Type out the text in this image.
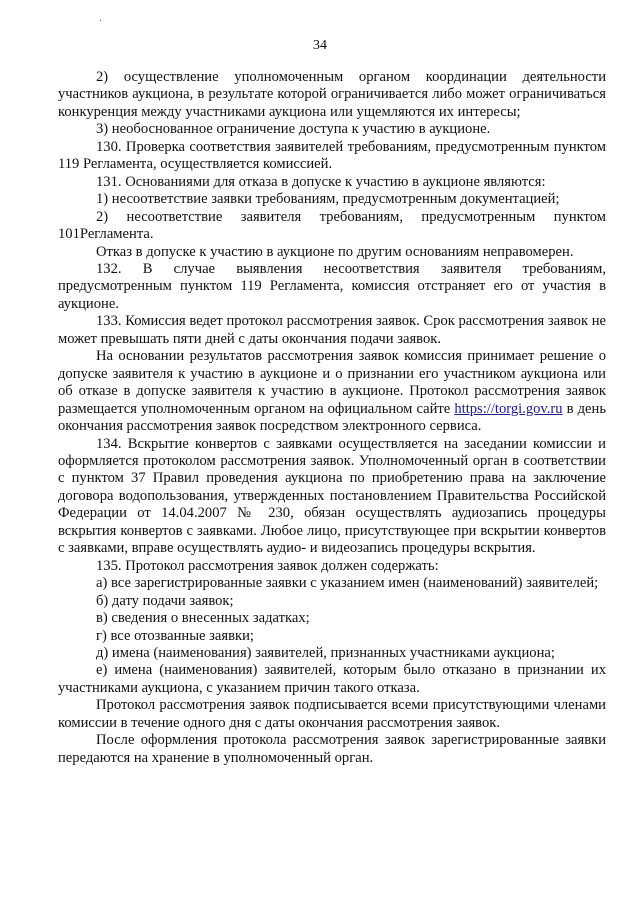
·
34

2) осуществление уполномоченным органом координации деятельности участников аукциона, в результате которой ограничивается либо может ограничиваться конкуренция между участниками аукциона или ущемляются их интересы;

3) необоснованное ограничение доступа к участию в аукционе.

130. Проверка соответствия заявителей требованиям, предусмотренным пунктом 119 Регламента, осуществляется комиссией.

131. Основаниями для отказа в допуске к участию в аукционе являются:

1) несоответствие заявки требованиям, предусмотренным документацией;

2) несоответствие заявителя требованиям, предусмотренным пунктом 101Регламента.

Отказ в допуске к участию в аукционе по другим основаниям неправомерен.

132. В случае выявления несоответствия заявителя требованиям, предусмотренным пунктом 119 Регламента, комиссия отстраняет его от участия в аукционе.

133. Комиссия ведет протокол рассмотрения заявок. Срок рассмотрения заявок не может превышать пяти дней с даты окончания подачи заявок.

На основании результатов рассмотрения заявок комиссия принимает решение о допуске заявителя к участию в аукционе и о признании его участником аукциона или об отказе в допуске заявителя к участию в аукционе. Протокол рассмотрения заявок размещается уполномоченным органом на официальном сайте https://torgi.gov.ru в день окончания рассмотрения заявок посредством электронного сервиса.

134. Вскрытие конвертов с заявками осуществляется на заседании комиссии и оформляется протоколом рассмотрения заявок. Уполномоченный орган в соответствии с пунктом 37 Правил проведения аукциона по приобретению права на заключение договора водопользования, утвержденных постановлением Правительства Российской Федерации от 14.04.2007 № 230, обязан осуществлять аудиозапись процедуры вскрытия конвертов с заявками. Любое лицо, присутствующее при вскрытии конвертов с заявками, вправе осуществлять аудио- и видеозапись процедуры вскрытия.

135. Протокол рассмотрения заявок должен содержать:

а) все зарегистрированные заявки с указанием имен (наименований) заявителей;

б) дату подачи заявок;

в) сведения о внесенных задатках;

г) все отозванные заявки;

д) имена (наименования) заявителей, признанных участниками аукциона;

е) имена (наименования) заявителей, которым было отказано в признании их участниками аукциона, с указанием причин такого отказа.

Протокол рассмотрения заявок подписывается всеми присутствующими членами комиссии в течение одного дня с даты окончания рассмотрения заявок.

После оформления протокола рассмотрения заявок зарегистрированные заявки передаются на хранение в уполномоченный орган.
